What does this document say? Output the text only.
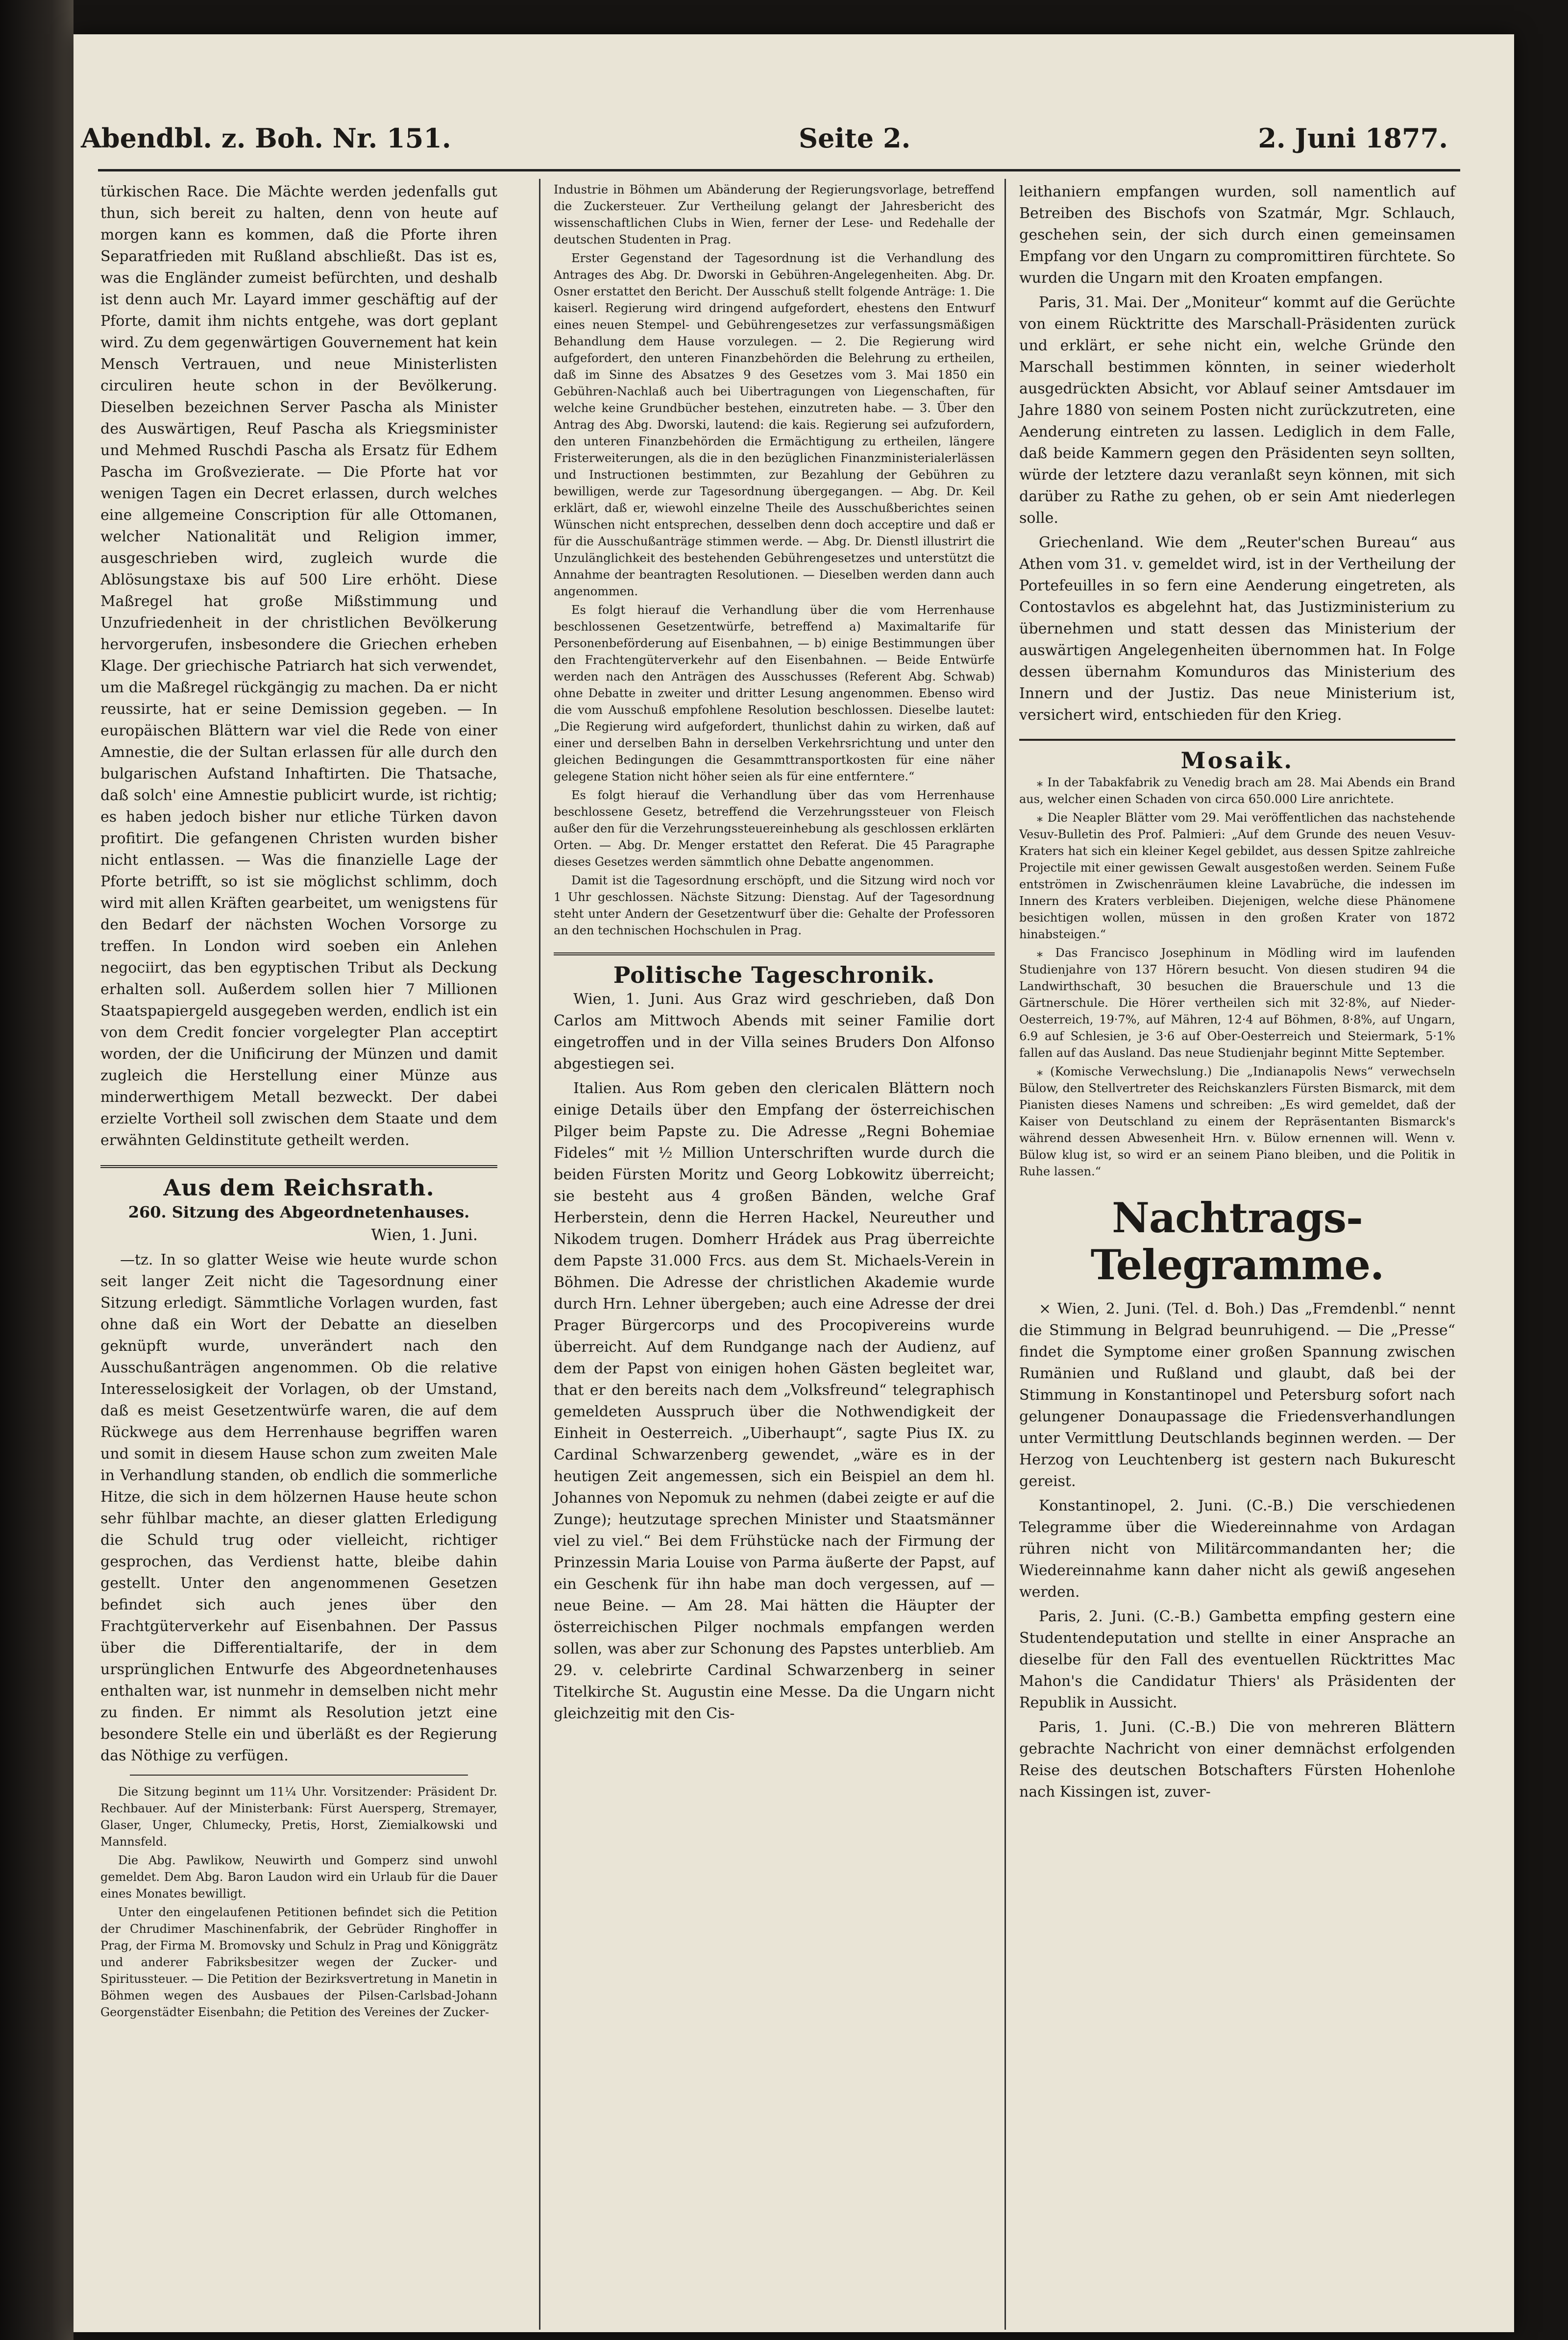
Abendbl. z. Boh. Nr. 151.	Seite 2.	2. Juni 1877.

türkischen Race. Die Mächte werden jedenfalls gut thun, sich bereit zu halten, denn von heute auf morgen kann es kommen, daß die Pforte ihren Separatfrieden mit Rußland abschließt. Das ist es, was die Engländer zumeist befürchten, und deshalb ist denn auch Mr. Layard immer geschäftig auf der Pforte, damit ihm nichts entgehe, was dort geplant wird. Zu dem gegenwärtigen Gouvernement hat kein Mensch Vertrauen, und neue Ministerlisten circuliren heute schon in der Bevölkerung. Dieselben bezeichnen Server Pascha als Minister des Auswärtigen, Reuf Pascha als Kriegsminister und Mehmed Ruschdi Pascha als Ersatz für Edhem Pascha im Großvezierate. — Die Pforte hat vor wenigen Tagen ein Decret erlassen, durch welches eine allgemeine Conscription für alle Ottomanen, welcher Nationalität und Religion immer, ausgeschrieben wird, zugleich wurde die Ablösungstaxe bis auf 500 Lire erhöht. Diese Maßregel hat große Mißstimmung und Unzufriedenheit in der christlichen Bevölkerung hervorgerufen, insbesondere die Griechen erheben Klage. Der griechische Patriarch hat sich verwendet, um die Maßregel rückgängig zu machen. Da er nicht reussirte, hat er seine Demission gegeben. — In europäischen Blättern war viel die Rede von einer Amnestie, die der Sultan erlassen für alle durch den bulgarischen Aufstand Inhaftirten. Die Thatsache, daß solch' eine Amnestie publicirt wurde, ist richtig; es haben jedoch bisher nur etliche Türken davon profitirt. Die gefangenen Christen wurden bisher nicht entlassen. — Was die finanzielle Lage der Pforte betrifft, so ist sie möglichst schlimm, doch wird mit allen Kräften gearbeitet, um wenigstens für den Bedarf der nächsten Wochen Vorsorge zu treffen. In London wird soeben ein Anlehen negociirt, das ben egyptischen Tribut als Deckung erhalten soll. Außerdem sollen hier 7 Millionen Staatspapiergeld ausgegeben werden, endlich ist ein von dem Credit foncier vorgelegter Plan acceptirt worden, der die Unificirung der Münzen und damit zugleich die Herstellung einer Münze aus minderwerthigem Metall bezweckt. Der dabei erzielte Vortheil soll zwischen dem Staate und dem erwähnten Geldinstitute getheilt werden.

Aus dem Reichsrath.
260. Sitzung des Abgeordnetenhauses.
Wien, 1. Juni.

—tz. In so glatter Weise wie heute wurde schon seit langer Zeit nicht die Tagesordnung einer Sitzung erledigt. Sämmtliche Vorlagen wurden, fast ohne daß ein Wort der Debatte an dieselben geknüpft wurde, unverändert nach den Ausschußanträgen angenommen. Ob die relative Interesselosigkeit der Vorlagen, ob der Umstand, daß es meist Gesetzentwürfe waren, die auf dem Rückwege aus dem Herrenhause begriffen waren und somit in diesem Hause schon zum zweiten Male in Verhandlung standen, ob endlich die sommerliche Hitze, die sich in dem hölzernen Hause heute schon sehr fühlbar machte, an dieser glatten Erledigung die Schuld trug oder vielleicht, richtiger gesprochen, das Verdienst hatte, bleibe dahin gestellt. Unter den angenommenen Gesetzen befindet sich auch jenes über den Frachtgüterverkehr auf Eisenbahnen. Der Passus über die Differentialtarife, der in dem ursprünglichen Entwurfe des Abgeordnetenhauses enthalten war, ist nunmehr in demselben nicht mehr zu finden. Er nimmt als Resolution jetzt eine besondere Stelle ein und überläßt es der Regierung das Nöthige zu verfügen.

Die Sitzung beginnt um 11¼ Uhr. Vorsitzender: Präsident Dr. Rechbauer. Auf der Ministerbank: Fürst Auersperg, Stremayer, Glaser, Unger, Chlumecky, Pretis, Horst, Ziemialkowski und Mannsfeld.

Die Abg. Pawlikow, Neuwirth und Gomperz sind unwohl gemeldet. Dem Abg. Baron Laudon wird ein Urlaub für die Dauer eines Monates bewilligt.

Unter den eingelaufenen Petitionen befindet sich die Petition der Chrudimer Maschinenfabrik, der Gebrüder Ringhoffer in Prag, der Firma M. Bromovsky und Schulz in Prag und Königgrätz und anderer Fabriksbesitzer wegen der Zucker- und Spiritussteuer. — Die Petition der Bezirksvertretung in Manetin in Böhmen wegen des Ausbaues der Pilsen-Carlsbad-Johann Georgenstädter Eisenbahn; die Petition des Vereines der Zucker-

Industrie in Böhmen um Abänderung der Regierungsvorlage, betreffend die Zuckersteuer. Zur Vertheilung gelangt der Jahresbericht des wissenschaftlichen Clubs in Wien, ferner der Lese- und Redehalle der deutschen Studenten in Prag.

Erster Gegenstand der Tagesordnung ist die Verhandlung des Antrages des Abg. Dr. Dworski in Gebühren-Angelegenheiten. Abg. Dr. Osner erstattet den Bericht. Der Ausschuß stellt folgende Anträge: 1. Die kaiserl. Regierung wird dringend aufgefordert, ehestens den Entwurf eines neuen Stempel- und Gebührengesetzes zur verfassungsmäßigen Behandlung dem Hause vorzulegen. — 2. Die Regierung wird aufgefordert, den unteren Finanzbehörden die Belehrung zu ertheilen, daß im Sinne des Absatzes 9 des Gesetzes vom 3. Mai 1850 ein Gebühren-Nachlaß auch bei Uibertragungen von Liegenschaften, für welche keine Grundbücher bestehen, einzutreten habe. — 3. Über den Antrag des Abg. Dworski, lautend: die kais. Regierung sei aufzufordern, den unteren Finanzbehörden die Ermächtigung zu ertheilen, längere Fristerweiterungen, als die in den bezüglichen Finanzministerialerlässen und Instructionen bestimmten, zur Bezahlung der Gebühren zu bewilligen, werde zur Tagesordnung übergegangen. — Abg. Dr. Keil erklärt, daß er, wiewohl einzelne Theile des Ausschußberichtes seinen Wünschen nicht entsprechen, desselben denn doch acceptire und daß er für die Ausschußanträge stimmen werde. — Abg. Dr. Dienstl illustrirt die Unzulänglichkeit des bestehenden Gebührengesetzes und unterstützt die Annahme der beantragten Resolutionen. — Dieselben werden dann auch angenommen.

Es folgt hierauf die Verhandlung über die vom Herrenhause beschlossenen Gesetzentwürfe, betreffend a) Maximaltarife für Personenbeförderung auf Eisenbahnen, — b) einige Bestimmungen über den Frachtengüterverkehr auf den Eisenbahnen. — Beide Entwürfe werden nach den Anträgen des Ausschusses (Referent Abg. Schwab) ohne Debatte in zweiter und dritter Lesung angenommen. Ebenso wird die vom Ausschuß empfohlene Resolution beschlossen. Dieselbe lautet: „Die Regierung wird aufgefordert, thunlichst dahin zu wirken, daß auf einer und derselben Bahn in derselben Verkehrsrichtung und unter den gleichen Bedingungen die Gesammttransportkosten für eine näher gelegene Station nicht höher seien als für eine entferntere.“

Es folgt hierauf die Verhandlung über das vom Herrenhause beschlossene Gesetz, betreffend die Verzehrungssteuer von Fleisch außer den für die Verzehrungssteuereinhebung als geschlossen erklärten Orten. — Abg. Dr. Menger erstattet den Referat. Die 45 Paragraphe dieses Gesetzes werden sämmtlich ohne Debatte angenommen.

Damit ist die Tagesordnung erschöpft, und die Sitzung wird noch vor 1 Uhr geschlossen. Nächste Sitzung: Dienstag. Auf der Tagesordnung steht unter Andern der Gesetzentwurf über die: Gehalte der Professoren an den technischen Hochschulen in Prag.

Politische Tageschronik.

Wien, 1. Juni. Aus Graz wird geschrieben, daß Don Carlos am Mittwoch Abends mit seiner Familie dort eingetroffen und in der Villa seines Bruders Don Alfonso abgestiegen sei.

Italien. Aus Rom geben den clericalen Blättern noch einige Details über den Empfang der österreichischen Pilger beim Papste zu. Die Adresse „Regni Bohemiae Fideles“ mit ½ Million Unterschriften wurde durch die beiden Fürsten Moritz und Georg Lobkowitz überreicht; sie besteht aus 4 großen Bänden, welche Graf Herberstein, denn die Herren Hackel, Neureuther und Nikodem trugen. Domherr Hrádek aus Prag überreichte dem Papste 31.000 Frcs. aus dem St. Michaels-Verein in Böhmen. Die Adresse der christlichen Akademie wurde durch Hrn. Lehner übergeben; auch eine Adresse der drei Prager Bürgercorps und des Procopivereins wurde überreicht. Auf dem Rundgange nach der Audienz, auf dem der Papst von einigen hohen Gästen begleitet war, that er den bereits nach dem „Volksfreund“ telegraphisch gemeldeten Ausspruch über die Nothwendigkeit der Einheit in Oesterreich. „Uiberhaupt“, sagte Pius IX. zu Cardinal Schwarzenberg gewendet, „wäre es in der heutigen Zeit angemessen, sich ein Beispiel an dem hl. Johannes von Nepomuk zu nehmen (dabei zeigte er auf die Zunge); heutzutage sprechen Minister und Staatsmänner viel zu viel.“ Bei dem Frühstücke nach der Firmung der Prinzessin Maria Louise von Parma äußerte der Papst, auf ein Geschenk für ihn habe man doch vergessen, auf — neue Beine. — Am 28. Mai hätten die Häupter der österreichischen Pilger nochmals empfangen werden sollen, was aber zur Schonung des Papstes unterblieb. Am 29. v. celebrirte Cardinal Schwarzenberg in seiner Titelkirche St. Augustin eine Messe. Da die Ungarn nicht gleichzeitig mit den Cis-

leithaniern empfangen wurden, soll namentlich auf Betreiben des Bischofs von Szatmár, Mgr. Schlauch, geschehen sein, der sich durch einen gemeinsamen Empfang vor den Ungarn zu compromittiren fürchtete. So wurden die Ungarn mit den Kroaten empfangen.

Paris, 31. Mai. Der „Moniteur“ kommt auf die Gerüchte von einem Rücktritte des Marschall-Präsidenten zurück und erklärt, er sehe nicht ein, welche Gründe den Marschall bestimmen könnten, in seiner wiederholt ausgedrückten Absicht, vor Ablauf seiner Amtsdauer im Jahre 1880 von seinem Posten nicht zurückzutreten, eine Aenderung eintreten zu lassen. Lediglich in dem Falle, daß beide Kammern gegen den Präsidenten seyn sollten, würde der letztere dazu veranlaßt seyn können, mit sich darüber zu Rathe zu gehen, ob er sein Amt niederlegen solle.

Griechenland. Wie dem „Reuter'schen Bureau“ aus Athen vom 31. v. gemeldet wird, ist in der Vertheilung der Portefeuilles in so fern eine Aenderung eingetreten, als Contostavlos es abgelehnt hat, das Justizministerium zu übernehmen und statt dessen das Ministerium der auswärtigen Angelegenheiten übernommen hat. In Folge dessen übernahm Komunduros das Ministerium des Innern und der Justiz. Das neue Ministerium ist, versichert wird, entschieden für den Krieg.

Mosaik.

⁎ In der Tabakfabrik zu Venedig brach am 28. Mai Abends ein Brand aus, welcher einen Schaden von circa 650.000 Lire anrichtete.

⁎ Die Neapler Blätter vom 29. Mai veröffentlichen das nachstehende Vesuv-Bulletin des Prof. Palmieri: „Auf dem Grunde des neuen Vesuv-Kraters hat sich ein kleiner Kegel gebildet, aus dessen Spitze zahlreiche Projectile mit einer gewissen Gewalt ausgestoßen werden. Seinem Fuße entströmen in Zwischenräumen kleine Lavabrüche, die indessen im Innern des Kraters verbleiben. Diejenigen, welche diese Phänomene besichtigen wollen, müssen in den großen Krater von 1872 hinabsteigen.“

⁎ Das Francisco Josephinum in Mödling wird im laufenden Studienjahre von 137 Hörern besucht. Von diesen studiren 94 die Landwirthschaft, 30 besuchen die Brauerschule und 13 die Gärtnerschule. Die Hörer vertheilen sich mit 32·8%, auf Nieder-Oesterreich, 19·7%, auf Mähren, 12·4 auf Böhmen, 8·8%, auf Ungarn, 6.9 auf Schlesien, je 3·6 auf Ober-Oesterreich und Steiermark, 5·1% fallen auf das Ausland. Das neue Studienjahr beginnt Mitte September.

⁎ (Komische Verwechslung.) Die „Indianapolis News“ verwechseln Bülow, den Stellvertreter des Reichskanzlers Fürsten Bismarck, mit dem Pianisten dieses Namens und schreiben: „Es wird gemeldet, daß der Kaiser von Deutschland zu einem der Repräsentanten Bismarck's während dessen Abwesenheit Hrn. v. Bülow ernennen will. Wenn v. Bülow klug ist, so wird er an seinem Piano bleiben, und die Politik in Ruhe lassen.“

Nachtrags-Telegramme.

× Wien, 2. Juni. (Tel. d. Boh.) Das „Fremdenbl.“ nennt die Stimmung in Belgrad beunruhigend. — Die „Presse“ findet die Symptome einer großen Spannung zwischen Rumänien und Rußland und glaubt, daß bei der Stimmung in Konstantinopel und Petersburg sofort nach gelungener Donaupassage die Friedensverhandlungen unter Vermittlung Deutschlands beginnen werden. — Der Herzog von Leuchtenberg ist gestern nach Bukurescht gereist.

Konstantinopel, 2. Juni. (C.-B.) Die verschiedenen Telegramme über die Wiedereinnahme von Ardagan rühren nicht von Militärcommandanten her; die Wiedereinnahme kann daher nicht als gewiß angesehen werden.

Paris, 2. Juni. (C.-B.) Gambetta empfing gestern eine Studentendeputation und stellte in einer Ansprache an dieselbe für den Fall des eventuellen Rücktrittes Mac Mahon's die Candidatur Thiers' als Präsidenten der Republik in Aussicht.

Paris, 1. Juni. (C.-B.) Die von mehreren Blättern gebrachte Nachricht von einer demnächst erfolgenden Reise des deutschen Botschafters Fürsten Hohenlohe nach Kissingen ist, zuver-
